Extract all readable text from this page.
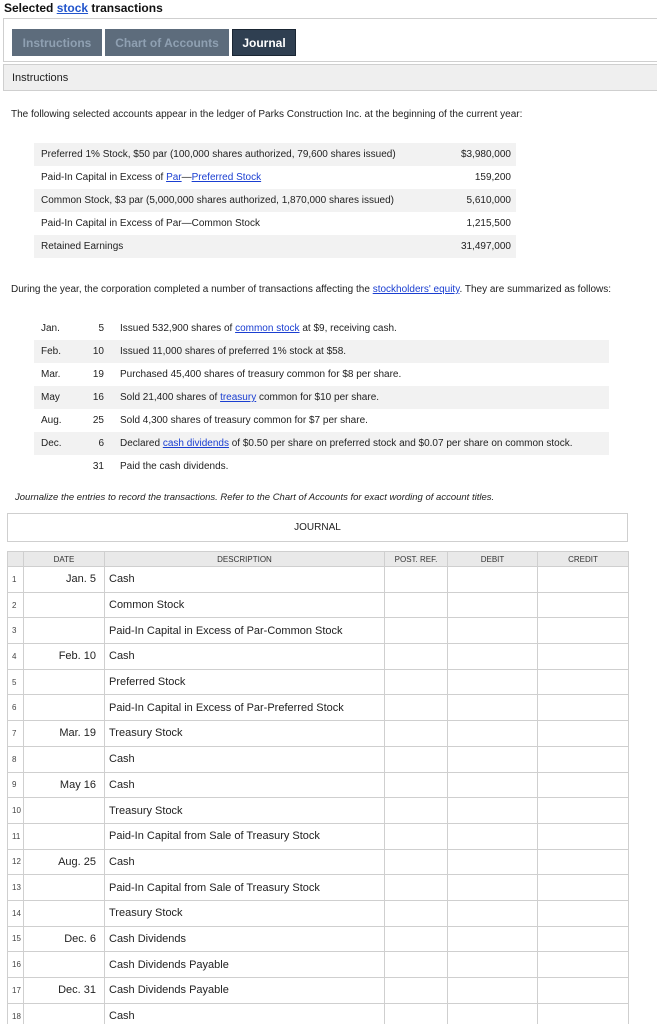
Selected stock transactions
Instructions	Chart of Accounts	Journal
Instructions
The following selected accounts appear in the ledger of Parks Construction Inc. at the beginning of the current year:
Preferred 1% Stock, $50 par (100,000 shares authorized, 79,600 shares issued)	$3,980,000
Paid-In Capital in Excess of Par—Preferred Stock	159,200
Common Stock, $3 par (5,000,000 shares authorized, 1,870,000 shares issued)	5,610,000
Paid-In Capital in Excess of Par—Common Stock	1,215,500
Retained Earnings	31,497,000
During the year, the corporation completed a number of transactions affecting the stockholders' equity. They are summarized as follows:
Jan.	5 Issued 532,900 shares of common stock at $9, receiving cash.
Feb.	10 Issued 11,000 shares of preferred 1% stock at $58.
Mar.	19 Purchased 45,400 shares of treasury common for $8 per share.
May	16 Sold 21,400 shares of treasury common for $10 per share.
Aug.	25 Sold 4,300 shares of treasury common for $7 per share.
Dec.	6 Declared cash dividends of $0.50 per share on preferred stock and $0.07 per share on common stock.
31 Paid the cash dividends.
Journalize the entries to record the transactions. Refer to the Chart of Accounts for exact wording of account titles.
JOURNAL
	DATE	DESCRIPTION	POST. REF.	DEBIT	CREDIT
1	Jan. 5	Cash			
2		Common Stock			
3		Paid-In Capital in Excess of Par-Common Stock			
4	Feb. 10	Cash			
5		Preferred Stock			
6		Paid-In Capital in Excess of Par-Preferred Stock			
7	Mar. 19	Treasury Stock			
8		Cash			
9	May 16	Cash			
10		Treasury Stock			
11		Paid-In Capital from Sale of Treasury Stock			
12	Aug. 25	Cash			
13		Paid-In Capital from Sale of Treasury Stock			
14		Treasury Stock			
15	Dec. 6	Cash Dividends			
16		Cash Dividends Payable			
17	Dec. 31	Cash Dividends Payable			
18		Cash			
